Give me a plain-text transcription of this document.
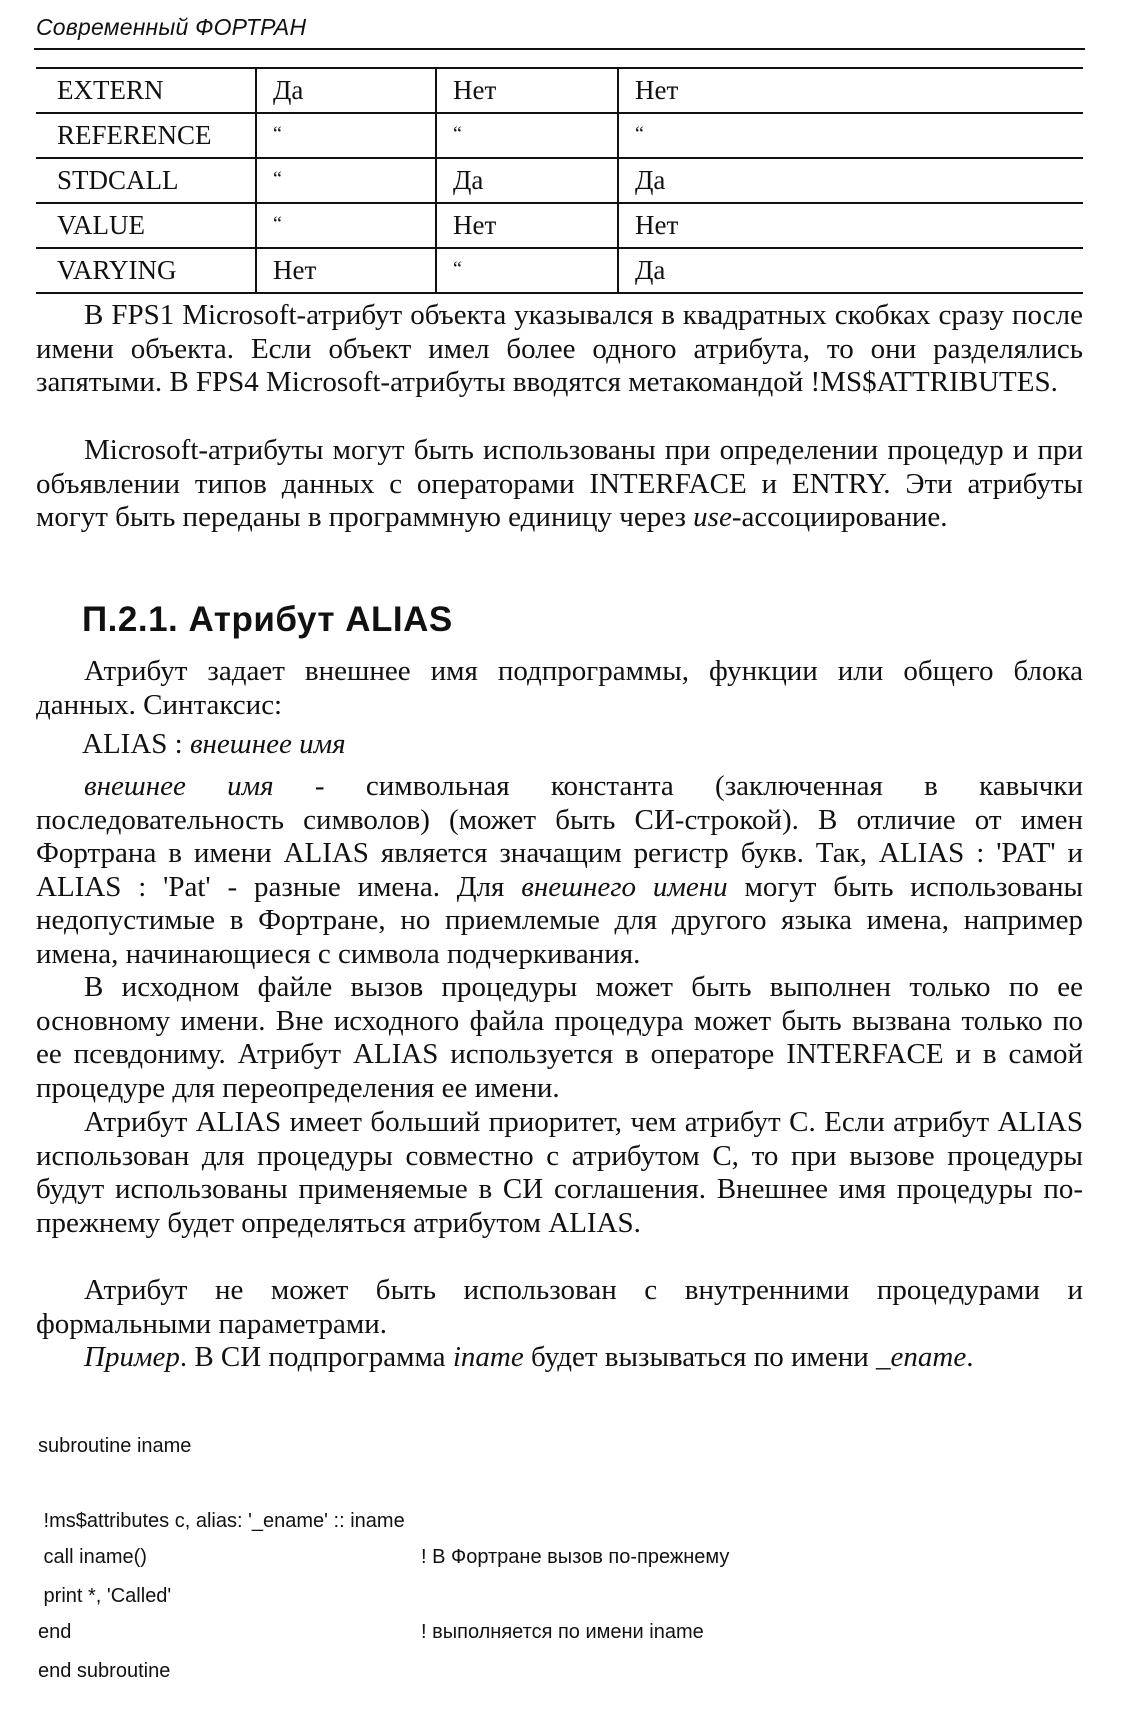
Современный ФОРТРАН
EXTERN	Да	Нет	Нет
REFERENCE	“	“	“
STDCALL	“	Да	Да
VALUE	“	Нет	Нет
VARYING	Нет	“	Да

В FPS1 Microsoft-атрибут объекта указывался в квадратных скобках сразу после имени объекта. Если объект имел более одного атрибута, то они разделялись запятыми. В FPS4 Microsoft-атрибуты вводятся метакомандой !MS$ATTRIBUTES.

Microsoft-атрибуты могут быть использованы при определении процедур и при объявлении типов данных с операторами INTERFACE и ENTRY. Эти атрибуты могут быть переданы в программную единицу через use-ассоциирование.

П.2.1. Атрибут ALIAS

Атрибут задает внешнее имя подпрограммы, функции или общего блока данных. Синтаксис:

ALIAS : внешнее имя

внешнее имя - символьная константа (заключенная в кавычки последовательность символов) (может быть СИ-строкой). В отличие от имен Фортрана в имени ALIAS является значащим регистр букв. Так, ALIAS : 'PAT' и ALIAS : 'Pat' - разные имена. Для внешнего имени могут быть использованы недопустимые в Фортране, но приемлемые для другого языка имена, например имена, начинающиеся с символа подчеркивания.

В исходном файле вызов процедуры может быть выполнен только по ее основному имени. Вне исходного файла процедура может быть вызвана только по ее псевдониму. Атрибут ALIAS используется в операторе INTERFACE и в самой процедуре для переопределения ее имени.

Атрибут ALIAS имеет больший приоритет, чем атрибут C. Если атрибут ALIAS использован для процедуры совместно с атрибутом C, то при вызове процедуры будут использованы применяемые в СИ соглашения. Внешнее имя процедуры по-прежнему будет определяться атрибутом ALIAS.

Атрибут не может быть использован с внутренними процедурами и формальными параметрами.

Пример. В СИ подпрограмма iname будет вызываться по имени _ename.

subroutine iname

!ms$attributes c, alias: '_ename' :: iname

print *, 'Called'

end subroutine

call iname()

end

! В Фортране вызов по-прежнему

! выполняется по имени iname
